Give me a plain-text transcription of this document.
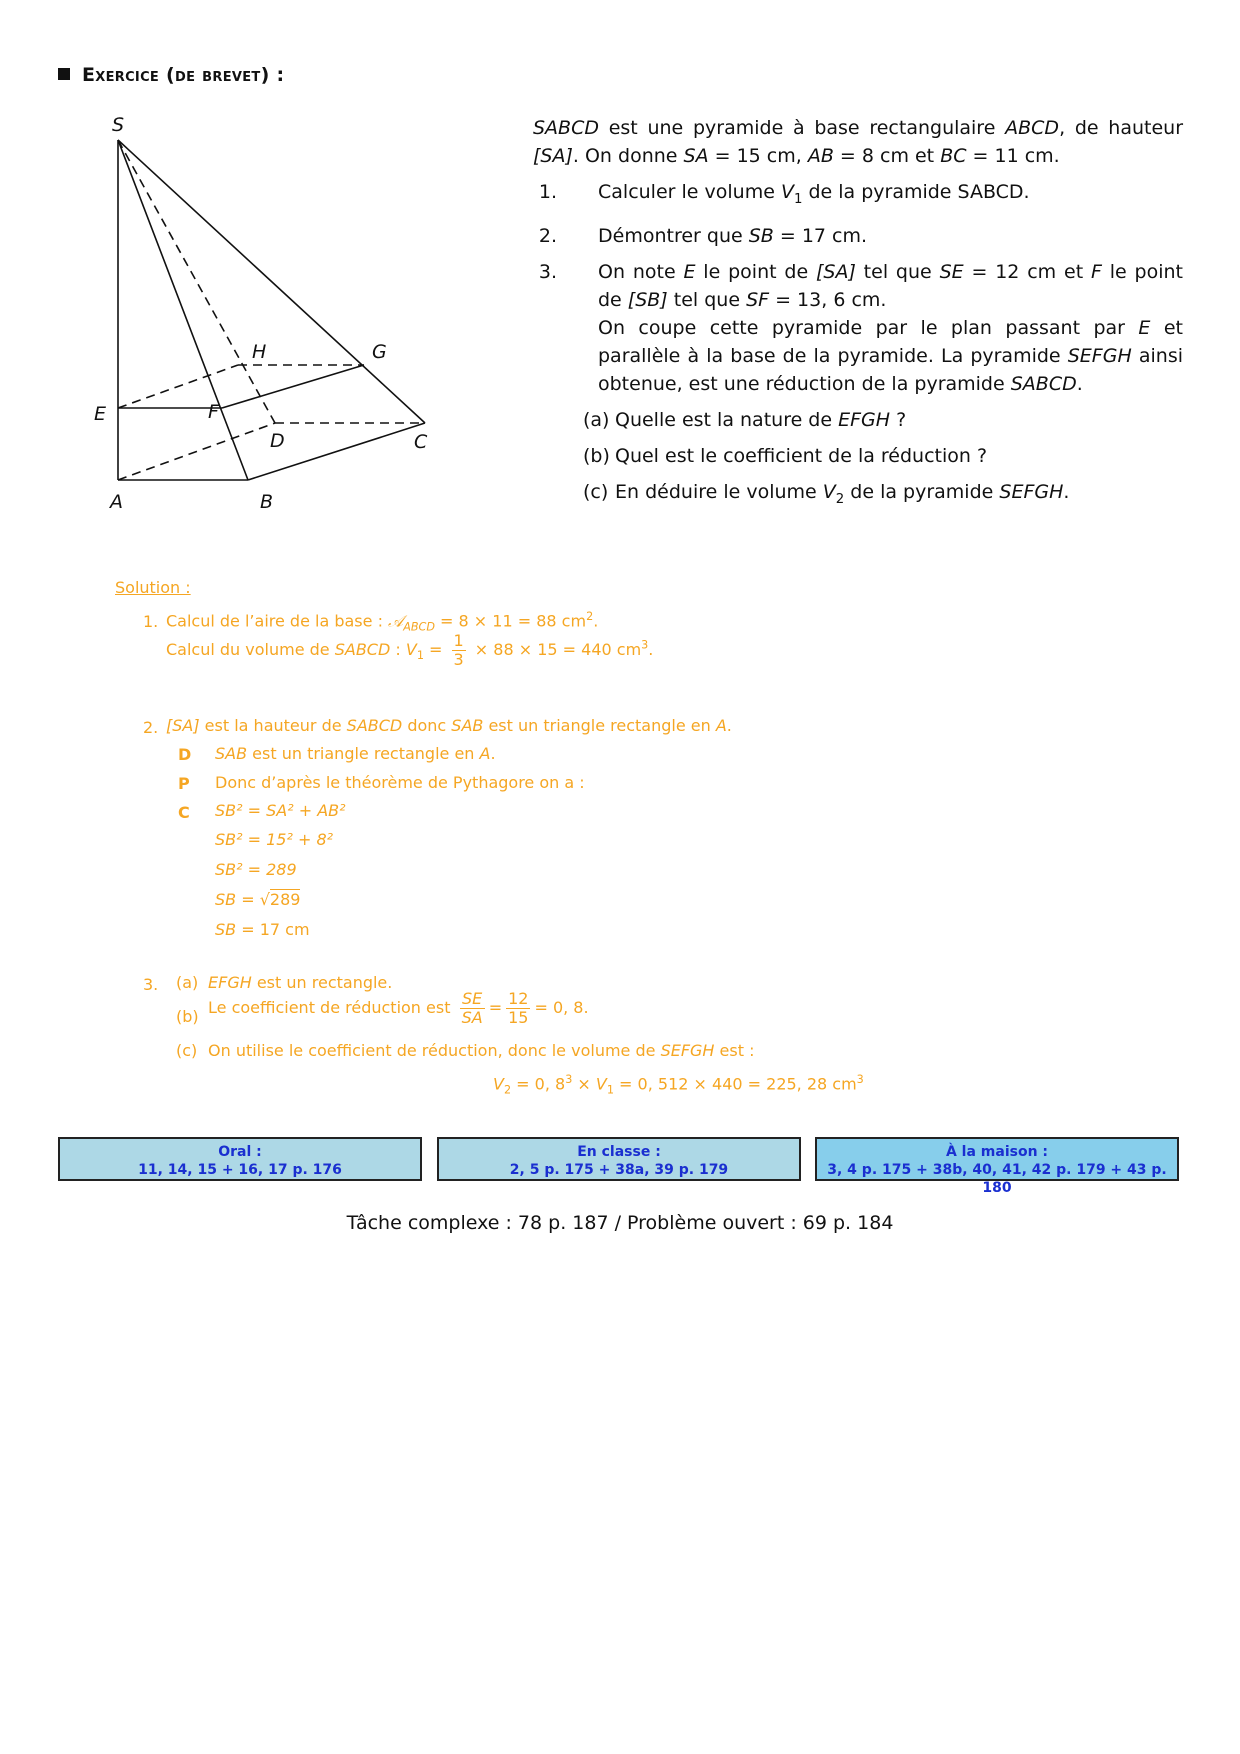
Exercice (de brevet) :
S
A	B
C
D
E	F
G
H

SABCD est une pyramide à base rectangulaire ABCD, de hauteur [SA]. On donne SA = 15 cm, AB = 8 cm et BC = 11 cm.

1.	Calculer le volume $V_1$ de la pyramide SABCD.
2.	Démontrer que SB = 17 cm.
3.	On note E le point de [SA] tel que SE = 12 cm et F le point de [SB] tel que SF = 13, 6 cm.

On coupe cette pyramide par le plan passant par E et parallèle à la base de la pyramide. La pyramide SEFGH ainsi obtenue, est une réduction de la pyramide SABCD.

(a) Quelle est la nature de EFGH ?
(b) Quel est le coefficient de la réduction ?
(c) En déduire le volume $V_2$ de la pyramide SEFGH.
Solution :
1. Calcul de l’aire de la base : 𝒜$_{ABCD}$ = 8 × 11 = 88 $cm^2$.
Calcul du volume de SABCD : $V_1 = \frac{1}{3} \times 88 \times 15 = 440$ $cm^3$.
2. [SA] est la hauteur de SABCD donc SAB est un triangle rectangle en A.
D SAB est un triangle rectangle en A.
P Donc d’après le théorème de Pythagore on a :
C SB² = SA² + AB²
SB² = 15² + 8²
SB² = 289
SB = √289
SB = 17 cm
3. (a) EFGH est un rectangle.
(b) Le coefficient de réduction est $\frac{SE}{SA} = \frac{12}{15} = 0$, 8.
(c) On utilise le coefficient de réduction, donc le volume de SEFGH est :
$V_2 = 0$, $8^3 \times V_1 = 0$, 512 × 440 = 225, 28 $cm^3$
Oral :
11, 14, 15 + 16, 17 p. 176
En classe :
2, 5 p. 175 + 38a, 39 p. 179
À la maison :
3, 4 p. 175 + 38b, 40, 41, 42 p. 179 + 43 p. 180
Tâche complexe : 78 p. 187 / Problème ouvert : 69 p. 184
